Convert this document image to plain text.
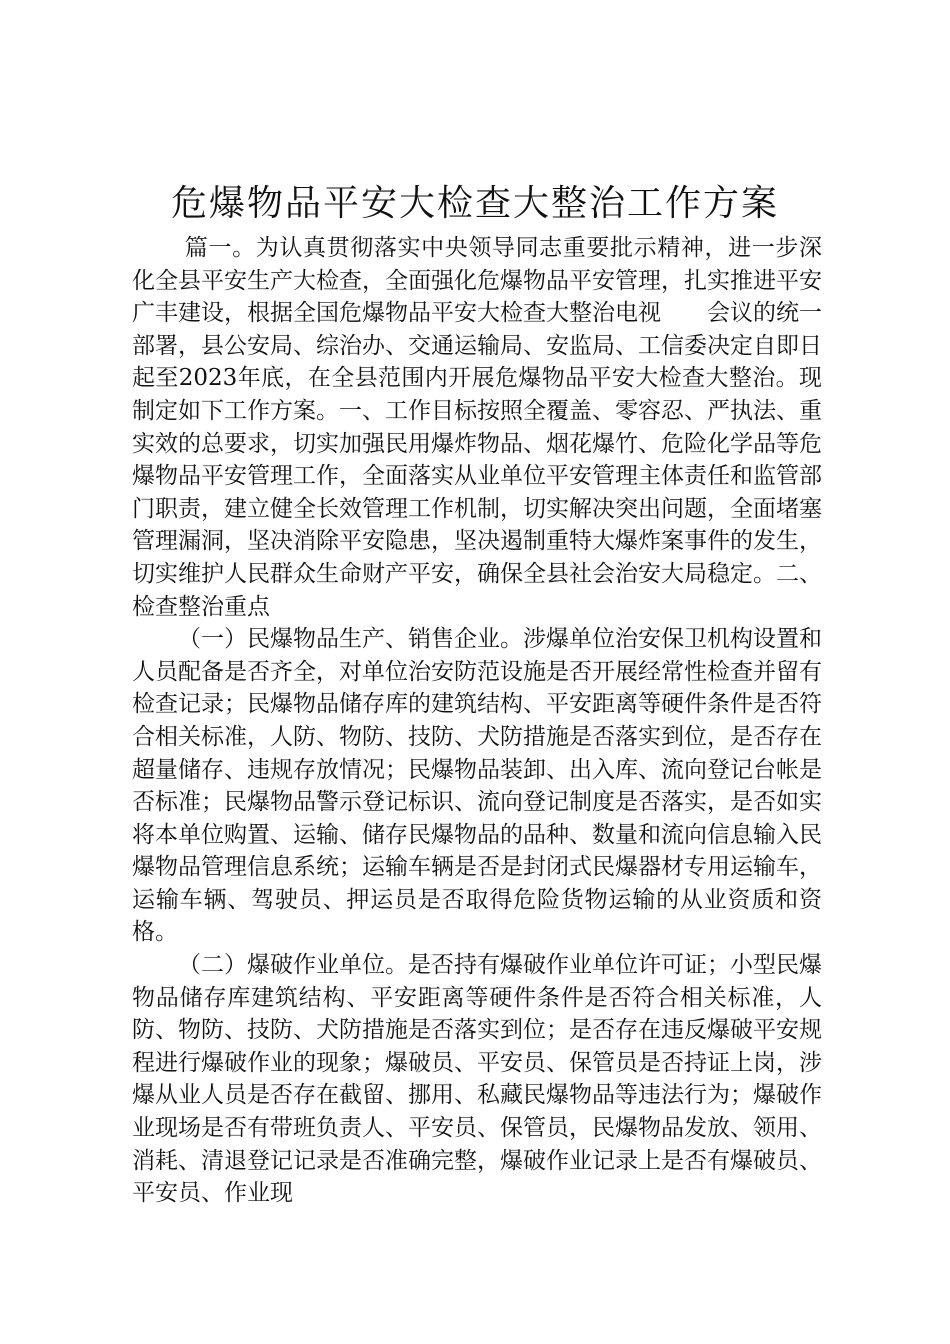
危爆物品平安大检查大整治工作方案

篇一。为认真贯彻落实中央领导同志重要批示精神，进一步深化全县平安生产大检查，全面强化危爆物品平安管理，扎实推进平安广丰建设，根据全国危爆物品平安大检查大整治电视　　会议的统一部署，县公安局、综治办、交通运输局、安监局、工信委决定自即日起至2023年底，在全县范围内开展危爆物品平安大检查大整治。现制定如下工作方案。一、工作目标按照全覆盖、零容忍、严执法、重实效的总要求，切实加强民用爆炸物品、烟花爆竹、危险化学品等危爆物品平安管理工作，全面落实从业单位平安管理主体责任和监管部门职责，建立健全长效管理工作机制，切实解决突出问题，全面堵塞管理漏洞，坚决消除平安隐患，坚决遏制重特大爆炸案事件的发生，切实维护人民群众生命财产平安，确保全县社会治安大局稳定。二、检查整治重点

（一）民爆物品生产、销售企业。涉爆单位治安保卫机构设置和人员配备是否齐全，对单位治安防范设施是否开展经常性检查并留有检查记录；民爆物品储存库的建筑结构、平安距离等硬件条件是否符合相关标准，人防、物防、技防、犬防措施是否落实到位，是否存在超量储存、违规存放情况；民爆物品装卸、出入库、流向登记台帐是否标准；民爆物品警示登记标识、流向登记制度是否落实，是否如实将本单位购置、运输、储存民爆物品的品种、数量和流向信息输入民爆物品管理信息系统；运输车辆是否是封闭式民爆器材专用运输车，运输车辆、驾驶员、押运员是否取得危险货物运输的从业资质和资格。

（二）爆破作业单位。是否持有爆破作业单位许可证；小型民爆物品储存库建筑结构、平安距离等硬件条件是否符合相关标准，人防、物防、技防、犬防措施是否落实到位；是否存在违反爆破平安规程进行爆破作业的现象；爆破员、平安员、保管员是否持证上岗，涉爆从业人员是否存在截留、挪用、私藏民爆物品等违法行为；爆破作业现场是否有带班负责人、平安员、保管员，民爆物品发放、领用、消耗、清退登记记录是否准确完整，爆破作业记录上是否有爆破员、平安员、作业现
